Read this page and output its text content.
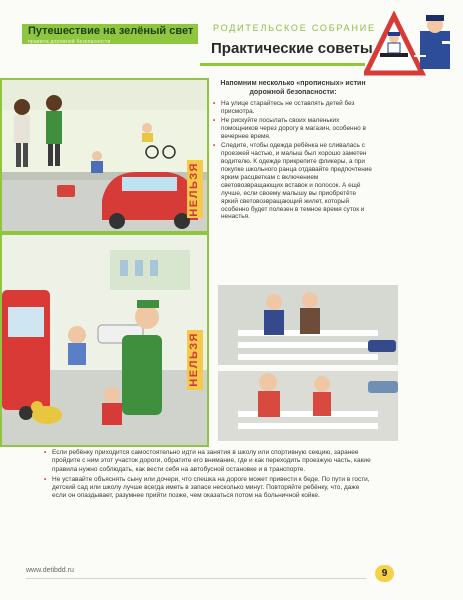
Путешествие на зелёный свет
правила дорожной безопасности
РОДИТЕЛЬСКОЕ СОБРАНИЕ
Практические советы
НЕЛЬЗЯ
НЕЛЬЗЯ

Напомним несколько «прописных» истин дорожной безопасности:

• На улице старайтесь не оставлять детей без присмотра.
• Не рискуйте посылать своих маленьких помощников через дорогу в магазин, особенно в вечернее время.
• Следите, чтобы одежда ребёнка не сливалась с проезжей частью, и малыш был хорошо заметен водителю. К одежде прикрепите фликеры, а при покупке школьного ранца отдавайте предпочтение ярким расцветкам с включением световозвращающих вставок и полосок. А ещё лучше, если своему малышу вы приобретёте яркий световозвращающий жилет, который особенно будет полезен в темное время суток и ненастья.
• Если ребёнку приходится самостоятельно идти на занятия в школу или спортивную секцию, заранее пройдите с ним этот участок дороги, обратите его внимание, где и как переходить проезжую часть, какие правила нужно соблюдать, как вести себя на автобусной остановке и в транспорте.
• Не уставайте объяснять сыну или дочери, что спешка на дороге может привести к беде. По пути в гости, детский сад или школу лучше всегда иметь в запасе несколько минут. Повторяйте ребёнку, что, даже если он опаздывает, разумнее прийти позже, чем оказаться потом на больничной койке.
www.detibdd.ru	9
